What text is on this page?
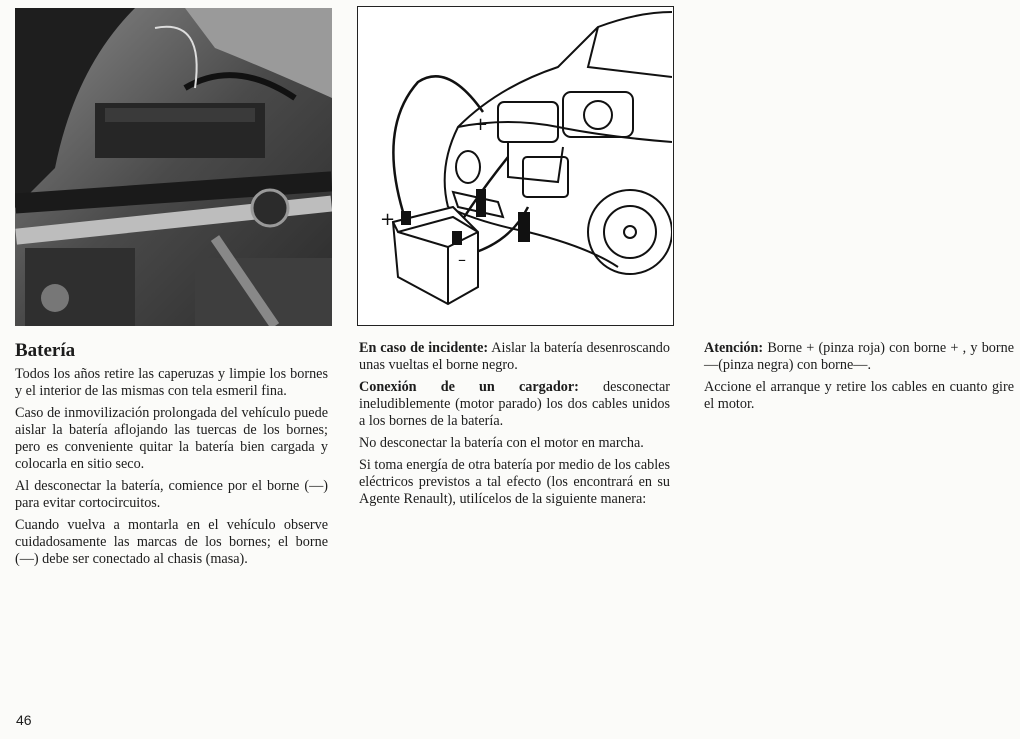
+
+
–
Batería

Todos los años retire las caperuzas y limpie los bornes y el interior de las mismas con tela esmeril fina.

Caso de inmovilización prolongada del vehículo puede aislar la batería aflojando las tuercas de los bornes; pero es conveniente quitar la batería bien cargada y colocarla en sitio seco.

Al desconectar la batería, comience por el borne (—) para evitar cortocircuitos.

Cuando vuelva a montarla en el vehículo observe cuidadosamente las marcas de los bornes; el borne (—) debe ser conectado al chasis (masa).

En caso de incidente: Aislar la batería desenroscando unas vueltas el borne negro.

Conexión de un cargador: desconectar ineludiblemente (motor parado) los dos cables unidos a los bornes de la batería.

No desconectar la batería con el motor en marcha.

Si toma energía de otra batería por medio de los cables eléctricos previstos a tal efecto (los encontrará en su Agente Renault), utilícelos de la siguiente manera:

Atención: Borne + (pinza roja) con borne + , y borne—(pinza negra) con borne—.

Accione el arranque y retire los cables en cuanto gire el motor.

46
